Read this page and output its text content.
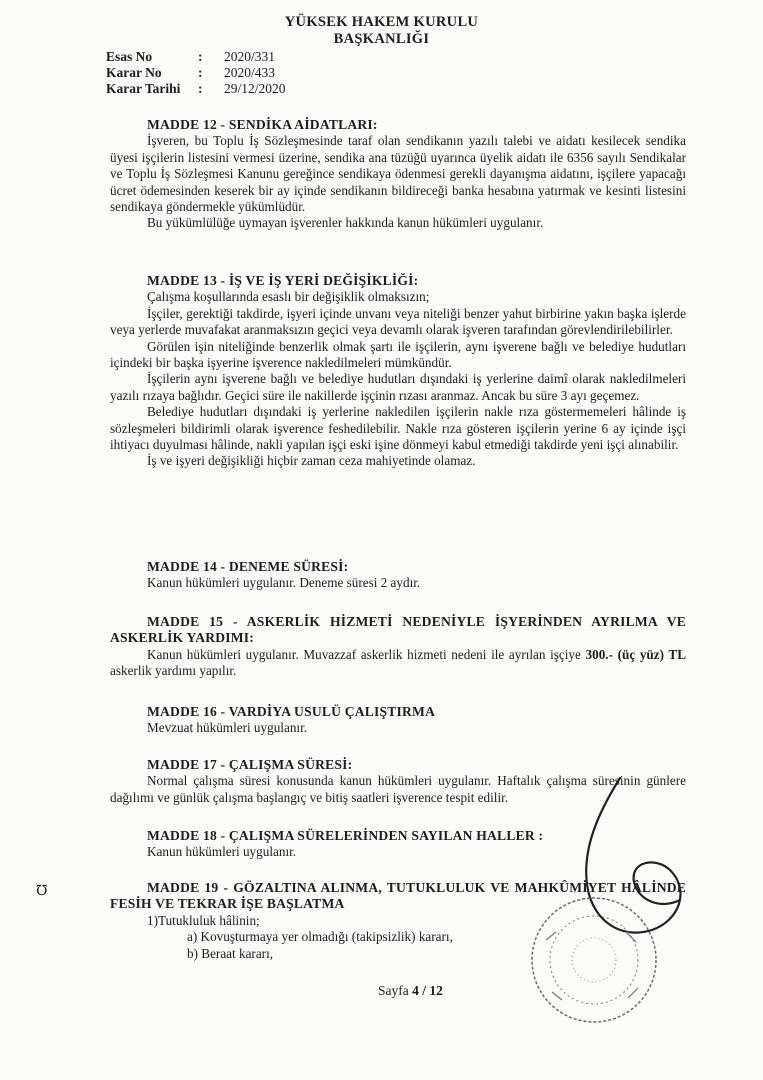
YÜKSEK HAKEM KURULU
BAŞKANLIĞI
Esas No	:	2020/331
Karar No	:	2020/433
Karar Tarihi	:	29/12/2020

MADDE 12 - SENDİKA AİDATLARI:

İşveren, bu Toplu İş Sözleşmesinde taraf olan sendikanın yazılı talebi ve aidatı kesilecek sendika üyesi işçilerin listesini vermesi üzerine, sendika ana tüzüğü uyarınca üyelik aidatı ile 6356 sayılı Sendikalar ve Toplu İş Sözleşmesi Kanunu gereğince sendikaya ödenmesi gerekli dayanışma aidatını, işçilere yapacağı ücret ödemesinden keserek bir ay içinde sendikanın bildireceği banka hesabına yatırmak ve kesinti listesini sendikaya göndermekle yükümlüdür.

Bu yükümlülüğe uymayan işverenler hakkında kanun hükümleri uygulanır.

MADDE 13 - İŞ VE İŞ YERİ DEĞİŞİKLİĞİ:

Çalışma koşullarında esaslı bir değişiklik olmaksızın;

İşçiler, gerektiği takdirde, işyeri içinde unvanı veya niteliği benzer yahut birbirine yakın başka işlerde veya yerlerde muvafakat aranmaksızın geçici veya devamlı olarak işveren tarafından görevlendirilebilirler.

Görülen işin niteliğinde benzerlik olmak şartı ile işçilerin, aynı işverene bağlı ve belediye hudutları içindeki bir başka işyerine işverence nakledilmeleri mümkündür.

İşçilerin aynı işverene bağlı ve belediye hudutları dışındaki iş yerlerine daimî olarak nakledilmeleri yazılı rızaya bağlıdır. Geçici süre ile nakillerde işçinin rızası aranmaz. Ancak bu süre 3 ayı geçemez.

Belediye hudutları dışındaki iş yerlerine nakledilen işçilerin nakle rıza göstermemeleri hâlinde iş sözleşmeleri bildirimli olarak işverence feshedilebilir. Nakle rıza gösteren işçilerin yerine 6 ay içinde işçi ihtiyacı duyulması hâlinde, nakli yapılan işçi eski işine dönmeyi kabul etmediği takdirde yeni işçi alınabilir.

İş ve işyeri değişikliği hiçbir zaman ceza mahiyetinde olamaz.

MADDE 14 - DENEME SÜRESİ:

Kanun hükümleri uygulanır. Deneme süresi 2 aydır.

MADDE 15 - ASKERLİK HİZMETİ NEDENİYLE İŞYERİNDEN AYRILMA VE ASKERLİK YARDIMI:

Kanun hükümleri uygulanır. Muvazzaf askerlik hizmeti nedeni ile ayrılan işçiye 300.- (üç yüz) TL askerlik yardımı yapılır.

MADDE 16 - VARDİYA USULÜ ÇALIŞTIRMA

Mevzuat hükümleri uygulanır.

MADDE 17 - ÇALIŞMA SÜRESİ:

Normal çalışma süresi konusunda kanun hükümleri uygulanır. Haftalık çalışma süresinin günlere dağılımı ve günlük çalışma başlangıç ve bitiş saatleri işverence tespit edilir.

MADDE 18 - ÇALIŞMA SÜRELERİNDEN SAYILAN HALLER :

Kanun hükümleri uygulanır.

MADDE 19 - GÖZALTINA ALINMA, TUTUKLULUK VE MAHKÛMİYET HÂLİNDE FESİH VE TEKRAR İŞE BAŞLATMA

1)Tutukluluk hâlinin;

a) Kovuşturmaya yer olmadığı (takipsizlik) kararı,

b) Beraat kararı,

Sayfa 4 / 12
℧
